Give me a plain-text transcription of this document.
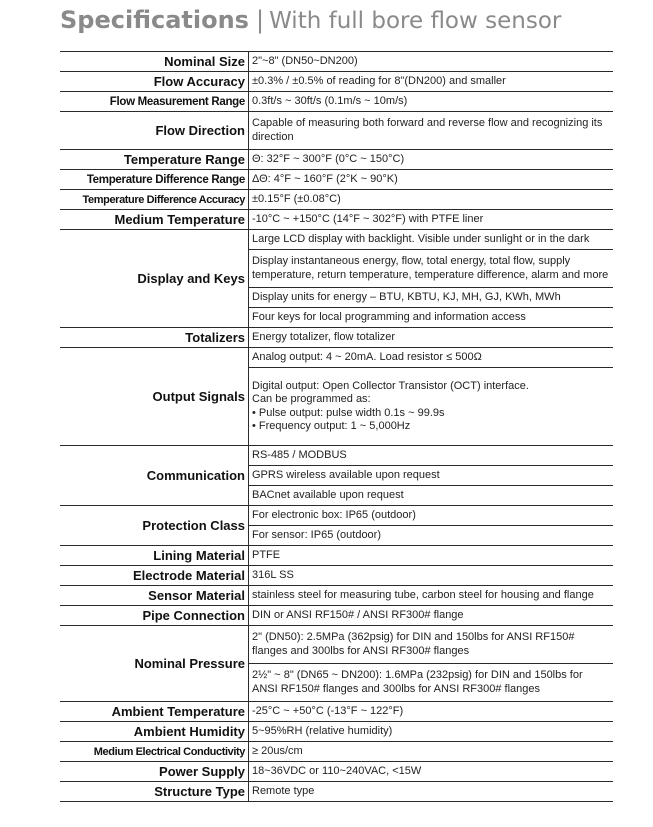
Specifications | With full bore flow sensor
Nominal Size	2"~8" (DN50~DN200)
Flow Accuracy	±0.3% / ±0.5% of reading for 8"(DN200) and smaller
Flow Measurement Range	0.3ft/s ~ 30ft/s (0.1m/s ~ 10m/s)
Flow Direction	Capable of measuring both forward and reverse flow and recognizing its direction
Temperature Range	Θ: 32°F ~ 300°F (0°C ~ 150°C)
Temperature Difference Range	ΔΘ: 4°F ~ 160°F (2°K ~ 90°K)
Temperature Difference Accuracy	±0.15°F (±0.08°C)
Medium Temperature	-10°C ~ +150°C (14°F ~ 302°F) with PTFE liner
Display and Keys	Large LCD display with backlight. Visible under sunlight or in the dark
	Display instantaneous energy, flow, total energy, total flow, supply temperature, return temperature, temperature difference, alarm and more
	Display units for energy – BTU, KBTU, KJ, MH, GJ, KWh, MWh
	Four keys for local programming and information access
Totalizers	Energy totalizer, flow totalizer
Output Signals	Analog output: 4 ~ 20mA. Load resistor ≤ 500Ω

	Digital output: Open Collector Transistor (OCT) interface.
Can be programmed as:
• Pulse output: pulse width 0.1s ~ 99.9s
• Frequency output: 1 ~ 5,000Hz

Communication	RS-485 / MODBUS
	GPRS wireless available upon request
	BACnet available upon request
Protection Class	For electronic box: IP65 (outdoor)
	For sensor: IP65 (outdoor)
Lining Material	PTFE
Electrode Material	316L SS
Sensor Material	stainless steel for measuring tube, carbon steel for housing and flange
Pipe Connection	DIN or ANSI RF150# / ANSI RF300# flange
Nominal Pressure	2" (DN50): 2.5MPa (362psig) for DIN and 150lbs for ANSI RF150# flanges and 300lbs for ANSI RF300# flanges
	2½" ~ 8" (DN65 ~ DN200): 1.6MPa (232psig) for DIN and 150lbs for ANSI RF150# flanges and 300lbs for ANSI RF300# flanges
Ambient Temperature	-25°C ~ +50°C (-13°F ~ 122°F)
Ambient Humidity	5~95%RH (relative humidity)
Medium Electrical Conductivity	≥ 20us/cm
Power Supply	18~36VDC or 110~240VAC, <15W
Structure Type	Remote type
